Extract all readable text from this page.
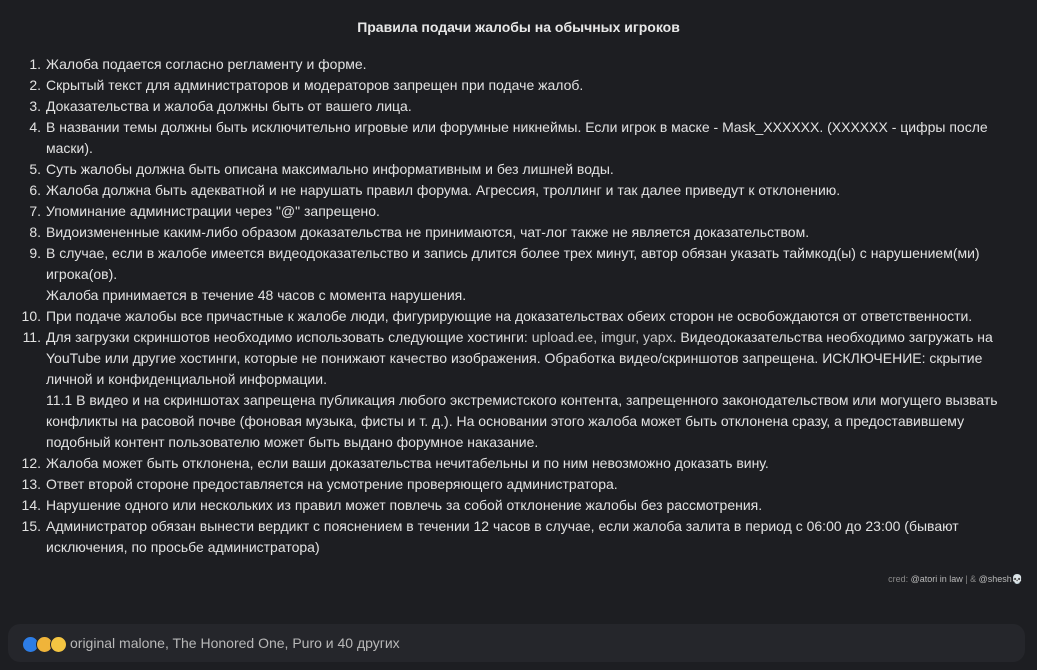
Правила подачи жалобы на обычных игроков
1. Жалоба подается согласно регламенту и форме.
2. Скрытый текст для администраторов и модераторов запрещен при подаче жалоб.
3. Доказательства и жалоба должны быть от вашего лица.
4. В названии темы должны быть исключительно игровые или форумные никнеймы. Если игрок в маске - Mask_XXXXXX. (XXXXXX - цифры после маски).
5. Суть жалобы должна быть описана максимально информативным и без лишней воды.
6. Жалоба должна быть адекватной и не нарушать правил форума. Агрессия, троллинг и так далее приведут к отклонению.
7. Упоминание администрации через "@" запрещено.
8. Видоизмененные каким-либо образом доказательства не принимаются, чат-лог также не является доказательством.
9. В случае, если в жалобе имеется видеодоказательство и запись длится более трех минут, автор обязан указать таймкод(ы) с нарушением(ми) игрока(ов).
Жалоба принимается в течение 48 часов с момента нарушения.
10. При подаче жалобы все причастные к жалобе люди, фигурирующие на доказательствах обеих сторон не освобождаются от ответственности.
11. Для загрузки скриншотов необходимо использовать следующие хостинги: upload.ee, imgur, yapx. Видеодоказательства необходимо загружать на YouTube или другие хостинги, которые не понижают качество изображения. Обработка видео/скриншотов запрещена. ИСКЛЮЧЕНИЕ: скрытие личной и конфиденциальной информации.
11.1 В видео и на скриншотах запрещена публикация любого экстремистского контента, запрещенного законодательством или могущего вызвать конфликты на расовой почве (фоновая музыка, фисты и т. д.). На основании этого жалоба может быть отклонена сразу, а предоставившему подобный контент пользователю может быть выдано форумное наказание.
12. Жалоба может быть отклонена, если ваши доказательства нечитабельны и по ним невозможно доказать вину.
13. Ответ второй стороне предоставляется на усмотрение проверяющего администратора.
14. Нарушение одного или нескольких из правил может повлечь за собой отклонение жалобы без рассмотрения.
15. Администратор обязан вынести вердикт с пояснением в течении 12 часов в случае, если жалоба залита в период с 06:00 до 23:00 (бывают исключения, по просьбе администратора)
cred: @atori in law | & @shesh💀
original malone, The Honored One, Puro и 40 других
